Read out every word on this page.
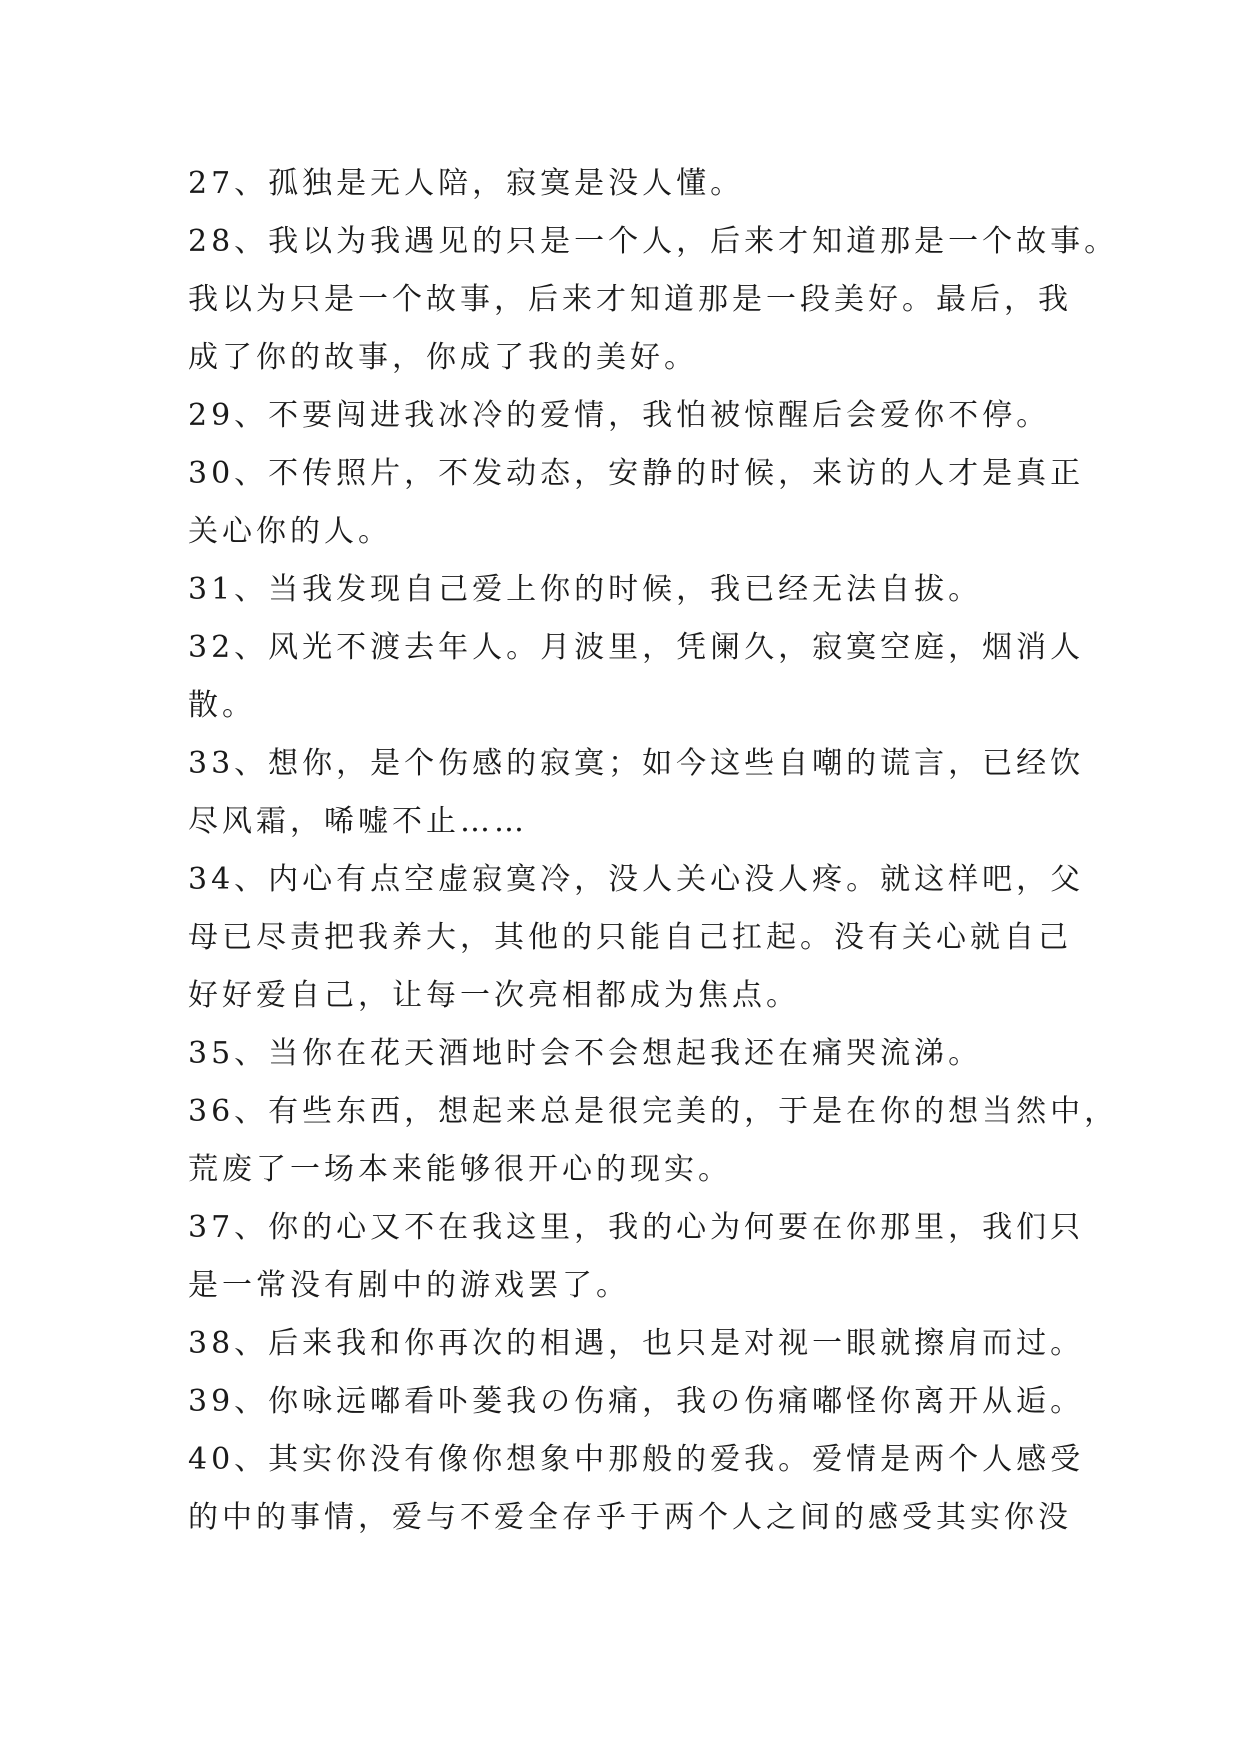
27、孤独是无人陪，寂寞是没人懂。
28、我以为我遇见的只是一个人，后来才知道那是一个故事。
我以为只是一个故事，后来才知道那是一段美好。最后，我
成了你的故事，你成了我的美好。
29、不要闯进我冰冷的爱情，我怕被惊醒后会爱你不停。
30、不传照片，不发动态，安静的时候，来访的人才是真正
关心你的人。
31、当我发现自己爱上你的时候，我已经无法自拔。
32、风光不渡去年人。月波里，凭阑久，寂寞空庭，烟消人
散。
33、想你，是个伤感的寂寞；如今这些自嘲的谎言，已经饮
尽风霜，唏嘘不止……
34、内心有点空虚寂寞冷，没人关心没人疼。就这样吧，父
母已尽责把我养大，其他的只能自己扛起。没有关心就自己
好好爱自己，让每一次亮相都成为焦点。
35、当你在花天酒地时会不会想起我还在痛哭流涕。
36、有些东西，想起来总是很完美的，于是在你的想当然中，
荒废了一场本来能够很开心的现实。
37、你的心又不在我这里，我的心为何要在你那里，我们只
是一常没有剧中的游戏罢了。
38、后来我和你再次的相遇，也只是对视一眼就擦肩而过。
39、你咏远嘟看卟蓌我の伤痛，我の伤痛嘟怪你离开从逅。
40、其实你没有像你想象中那般的爱我。爱情是两个人感受
的中的事情，爱与不爱全存乎于两个人之间的感受其实你没
